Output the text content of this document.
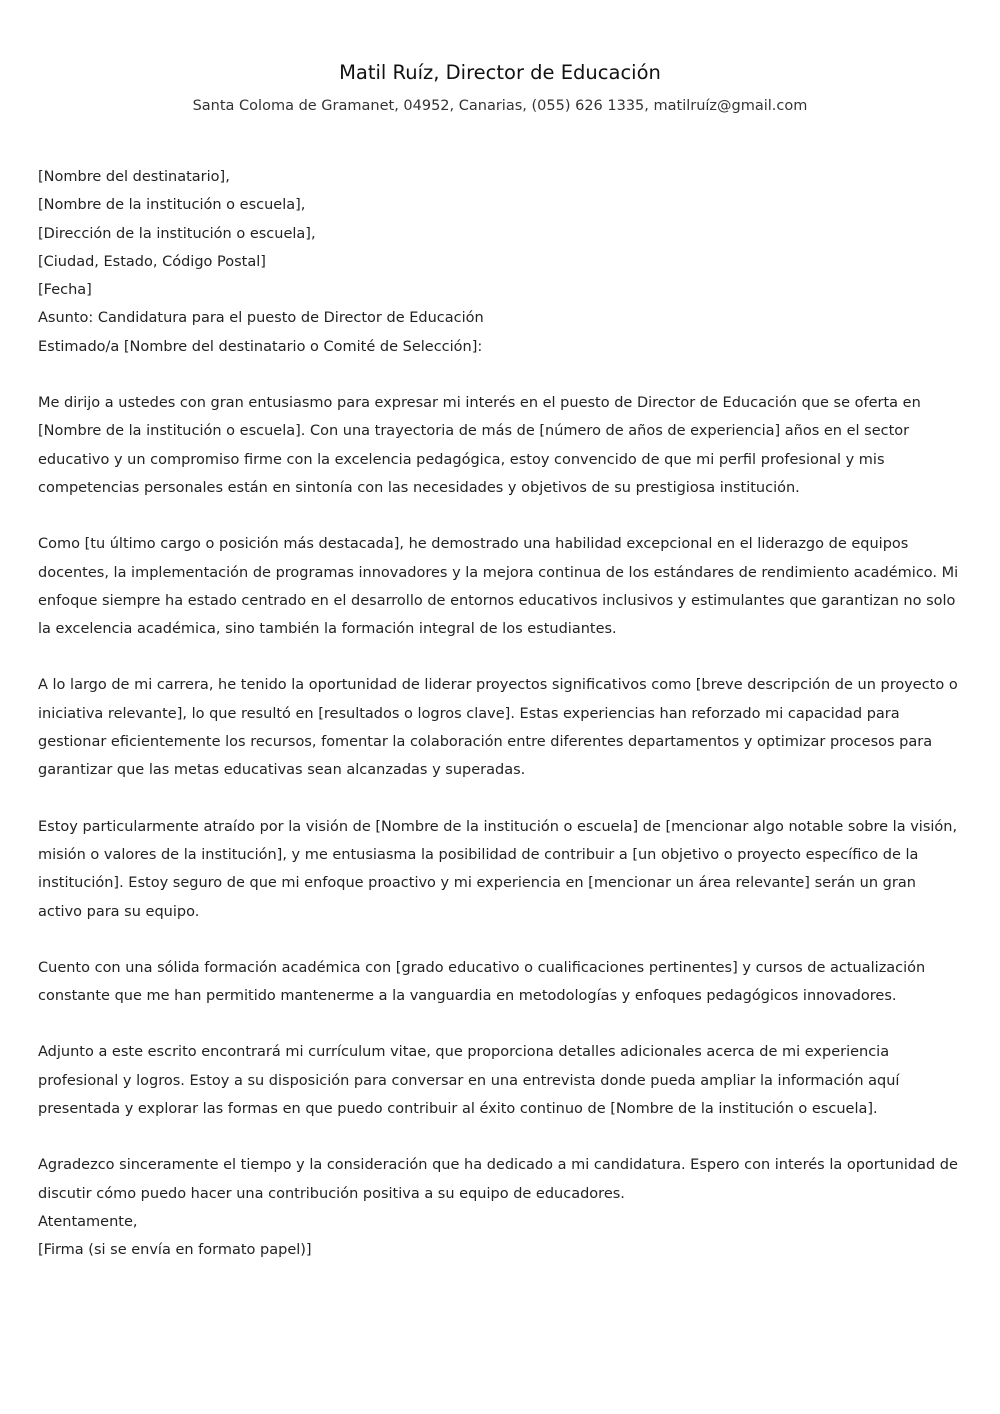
Matil Ruíz, Director de Educación

Santa Coloma de Gramanet, 04952, Canarias, (055) 626 1335, matilruíz@gmail.com

[Nombre del destinatario],

[Nombre de la institución o escuela],

[Dirección de la institución o escuela],

[Ciudad, Estado, Código Postal]

[Fecha]

Asunto: Candidatura para el puesto de Director de Educación

Estimado/a [Nombre del destinatario o Comité de Selección]:

Me dirijo a ustedes con gran entusiasmo para expresar mi interés en el puesto de Director de Educación que se oferta en [Nombre de la institución o escuela]. Con una trayectoria de más de [número de años de experiencia] años en el sector educativo y un compromiso firme con la excelencia pedagógica, estoy convencido de que mi perfil profesional y mis competencias personales están en sintonía con las necesidades y objetivos de su prestigiosa institución.

Como [tu último cargo o posición más destacada], he demostrado una habilidad excepcional en el liderazgo de equipos docentes, la implementación de programas innovadores y la mejora continua de los estándares de rendimiento académico. Mi enfoque siempre ha estado centrado en el desarrollo de entornos educativos inclusivos y estimulantes que garantizan no solo la excelencia académica, sino también la formación integral de los estudiantes.

A lo largo de mi carrera, he tenido la oportunidad de liderar proyectos significativos como [breve descripción de un proyecto o iniciativa relevante], lo que resultó en [resultados o logros clave]. Estas experiencias han reforzado mi capacidad para gestionar eficientemente los recursos, fomentar la colaboración entre diferentes departamentos y optimizar procesos para garantizar que las metas educativas sean alcanzadas y superadas.

Estoy particularmente atraído por la visión de [Nombre de la institución o escuela] de [mencionar algo notable sobre la visión, misión o valores de la institución], y me entusiasma la posibilidad de contribuir a [un objetivo o proyecto específico de la institución]. Estoy seguro de que mi enfoque proactivo y mi experiencia en [mencionar un área relevante] serán un gran activo para su equipo.

Cuento con una sólida formación académica con [grado educativo o cualificaciones pertinentes] y cursos de actualización constante que me han permitido mantenerme a la vanguardia en metodologías y enfoques pedagógicos innovadores.

Adjunto a este escrito encontrará mi currículum vitae, que proporciona detalles adicionales acerca de mi experiencia profesional y logros. Estoy a su disposición para conversar en una entrevista donde pueda ampliar la información aquí presentada y explorar las formas en que puedo contribuir al éxito continuo de [Nombre de la institución o escuela].

Agradezco sinceramente el tiempo y la consideración que ha dedicado a mi candidatura. Espero con interés la oportunidad de discutir cómo puedo hacer una contribución positiva a su equipo de educadores.

Atentamente,

[Firma (si se envía en formato papel)]
